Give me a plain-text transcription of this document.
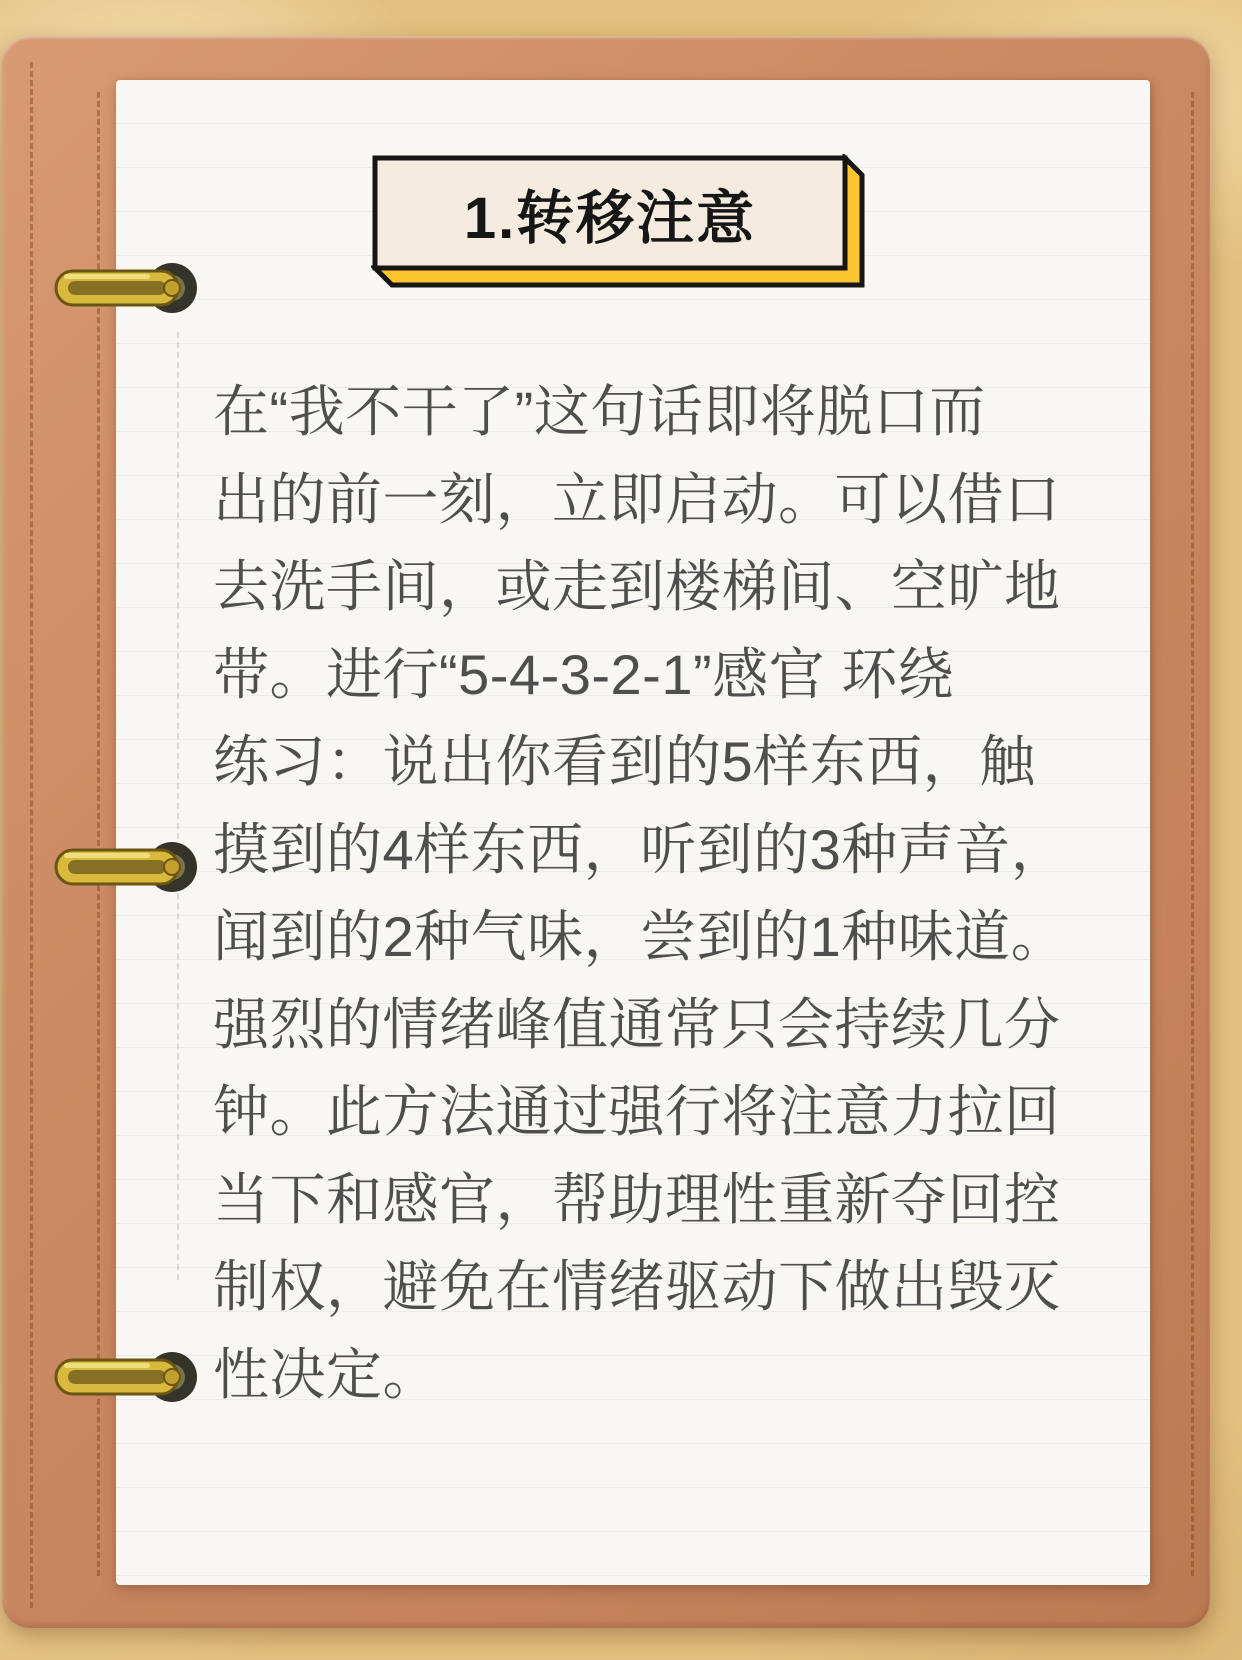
1.转移注意
在“我不干了”这句话即将脱口而
出的前一刻，立即启动。可以借口
去洗手间，或走到楼梯间、空旷地
带。进行“5-4-3-2-1”感官 环绕
练习：说出你看到的5样东西，触
摸到的4样东西，听到的3种声音，
闻到的2种气味，尝到的1种味道。
强烈的情绪峰值通常只会持续几分
钟。此方法通过强行将注意力拉回
当下和感官，帮助理性重新夺回控
制权，避免在情绪驱动下做出毁灭
性决定。
